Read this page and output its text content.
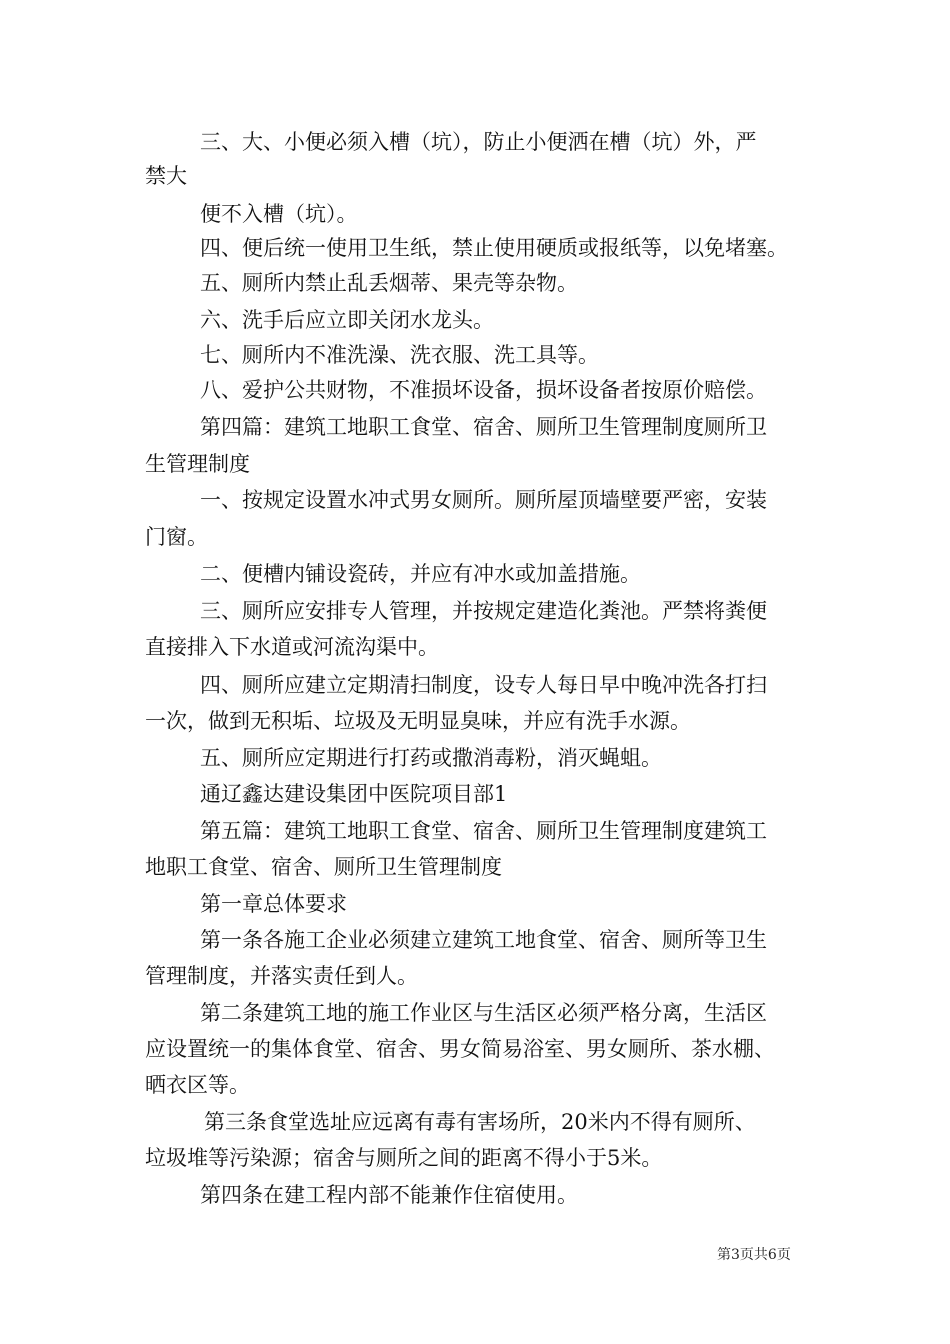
三、大、小便必须入槽（坑），防止小便洒在槽（坑）外，严
禁大
便不入槽（坑）。
四、便后统一使用卫生纸，禁止使用硬质或报纸等，以免堵塞。
五、厕所内禁止乱丢烟蒂、果壳等杂物。
六、洗手后应立即关闭水龙头。
七、厕所内不准洗澡、洗衣服、洗工具等。
八、爱护公共财物，不准损坏设备，损坏设备者按原价赔偿。
第四篇：建筑工地职工食堂、宿舍、厕所卫生管理制度厕所卫
生管理制度
一、按规定设置水冲式男女厕所。厕所屋顶墙壁要严密，安装
门窗。
二、便槽内铺设瓷砖，并应有冲水或加盖措施。
三、厕所应安排专人管理，并按规定建造化粪池。严禁将粪便
直接排入下水道或河流沟渠中。
四、厕所应建立定期清扫制度，设专人每日早中晚冲洗各打扫
一次，做到无积垢、垃圾及无明显臭味，并应有洗手水源。
五、厕所应定期进行打药或撒消毒粉，消灭蝇蛆。
通辽鑫达建设集团中医院项目部1
第五篇：建筑工地职工食堂、宿舍、厕所卫生管理制度建筑工
地职工食堂、宿舍、厕所卫生管理制度
第一章总体要求
第一条各施工企业必须建立建筑工地食堂、宿舍、厕所等卫生
管理制度，并落实责任到人。
第二条建筑工地的施工作业区与生活区必须严格分离，生活区
应设置统一的集体食堂、宿舍、男女简易浴室、男女厕所、茶水棚、
晒衣区等。
第三条食堂选址应远离有毒有害场所，20米内不得有厕所、
垃圾堆等污染源；宿舍与厕所之间的距离不得小于5米。
第四条在建工程内部不能兼作住宿使用。
第3页共6页
